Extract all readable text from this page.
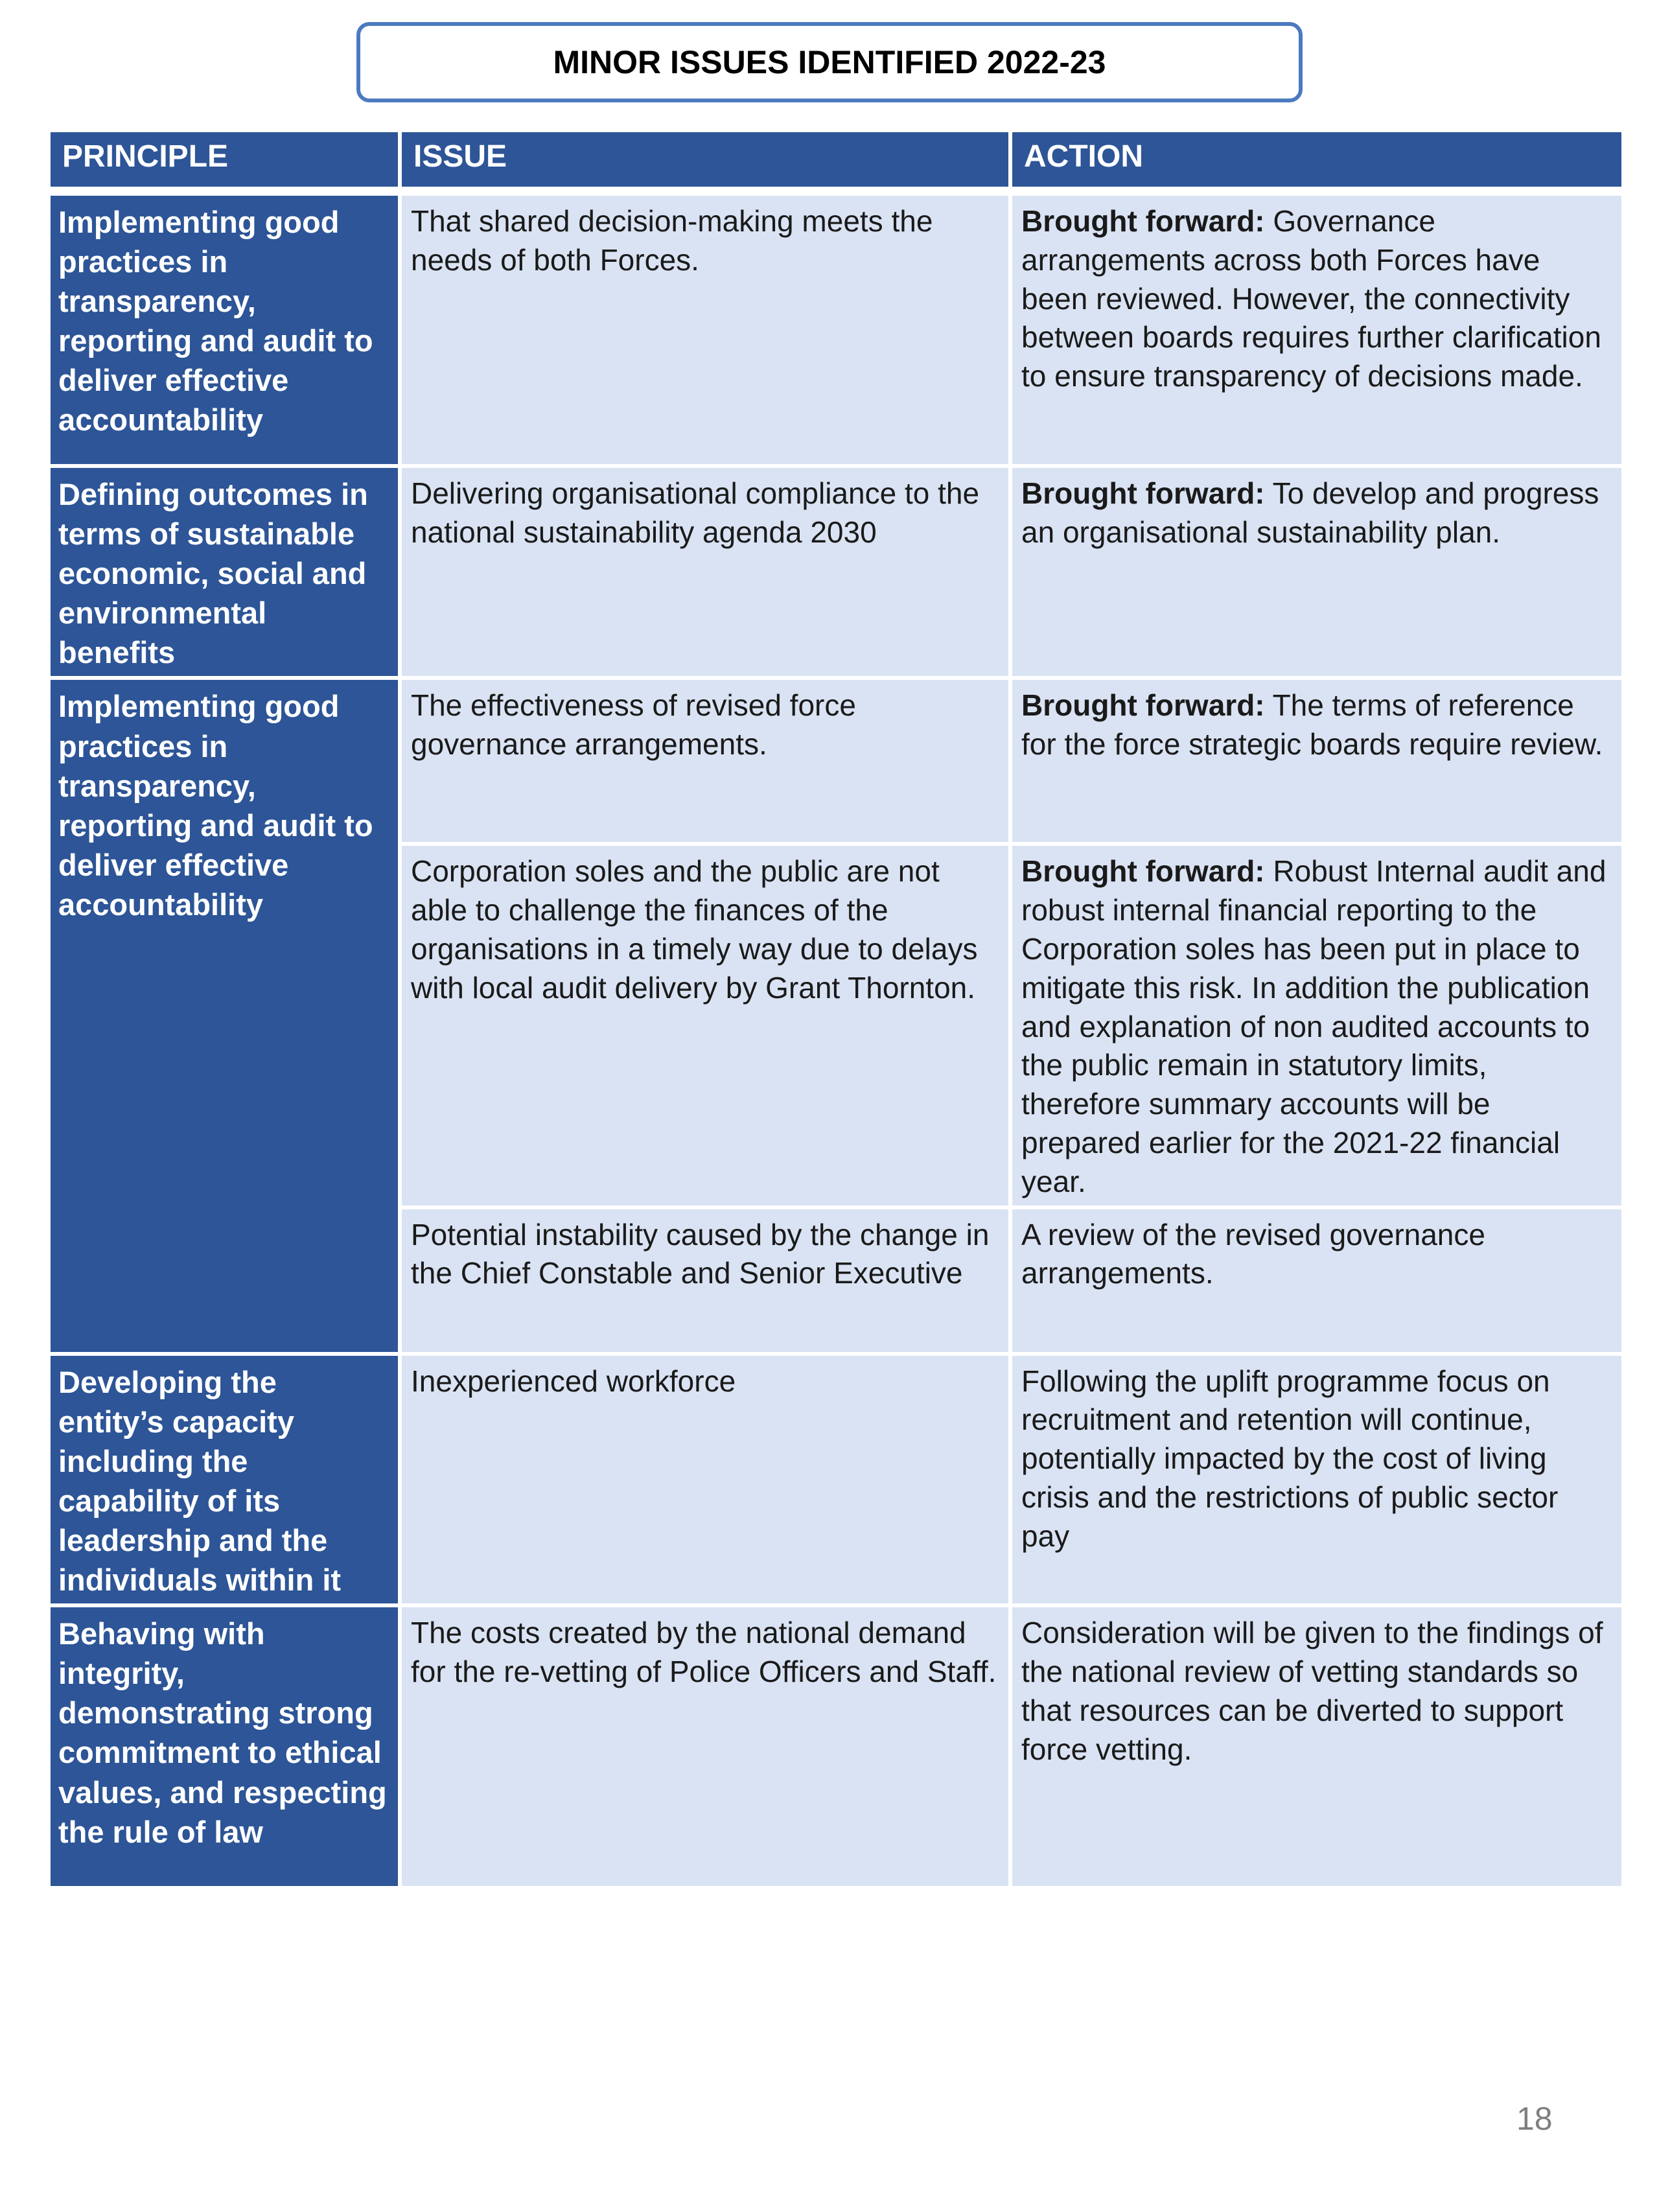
MINOR ISSUES IDENTIFIED 2022-23
PRINCIPLE	ISSUE	ACTION

Implementing good practices in transparency, reporting and audit to deliver effective accountability	That shared decision-making meets the needs of both Forces.	Brought forward: Governance arrangements across both Forces have been reviewed. However, the connectivity between boards requires further clarification to ensure transparency of decisions made.
Defining outcomes in terms of sustainable economic, social and environmental benefits	Delivering organisational compliance to the national sustainability agenda 2030	Brought forward: To develop and progress an organisational sustainability plan.
Implementing good practices in transparency, reporting and audit to deliver effective accountability	The effectiveness of revised force governance arrangements.	Brought forward: The terms of reference for the force strategic boards require review.
	Corporation soles and the public are not able to challenge the finances of the organisations in a timely way due to delays with local audit delivery by Grant Thornton.	Brought forward: Robust Internal audit and robust internal financial reporting to the Corporation soles has been put in place to mitigate this risk. In addition the publication and explanation of non audited accounts to the public remain in statutory limits, therefore summary accounts will be prepared earlier for the 2021-22 financial year.
	Potential instability caused by the change in the Chief Constable and Senior Executive	A review of the revised governance arrangements.
Developing the entity’s capacity including the capability of its leadership and the individuals within it	Inexperienced workforce	Following the uplift programme focus on recruitment and retention will continue, potentially impacted by the cost of living crisis and the restrictions of public sector pay
Behaving with integrity, demonstrating strong commitment to ethical values, and respecting the rule of law	The costs created by the national demand for the re-vetting of Police Officers and Staff.	Consideration will be given to the findings of the national review of vetting standards so that resources can be diverted to support force vetting.
18
